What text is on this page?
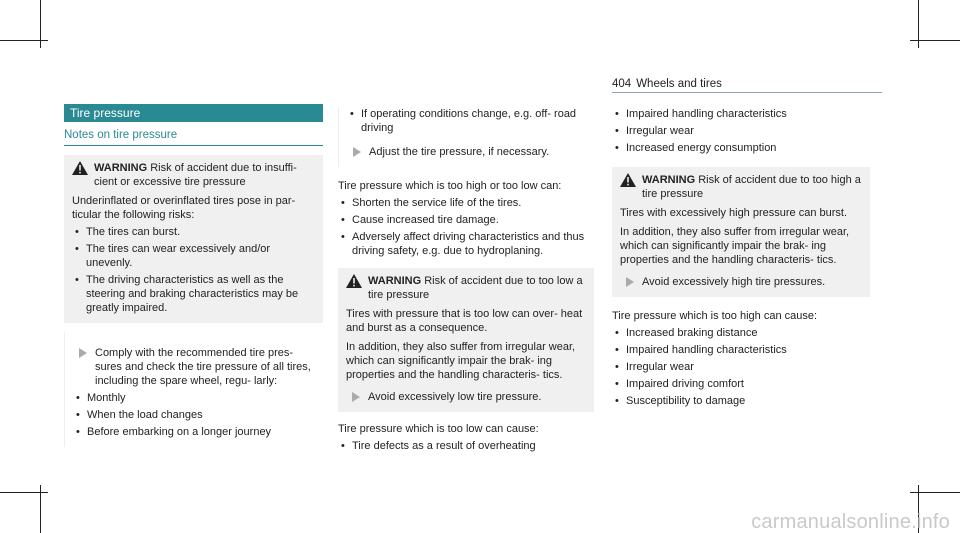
404 Wheels and tires
Tire pressure
Notes on tire pressure
WARNING Risk of accident due to insuffi- cient or excessive tire pressure
Underinflated or overinflated tires pose in par- ticular the following risks:
• The tires can burst.
• The tires can wear excessively and/or unevenly.
• The driving characteristics as well as the steering and braking characteristics may be greatly impaired.
Comply with the recommended tire pres- sures and check the tire pressure of all tires, including the spare wheel, regu- larly:
• Monthly
• When the load changes
• Before embarking on a longer journey
• If operating conditions change, e.g. off- road driving
Adjust the tire pressure, if necessary.
Tire pressure which is too high or too low can:
• Shorten the service life of the tires.
• Cause increased tire damage.
• Adversely affect driving characteristics and thus driving safety, e.g. due to hydroplaning.
WARNING Risk of accident due to too low a tire pressure
Tires with pressure that is too low can over- heat and burst as a consequence.
In addition, they also suffer from irregular wear, which can significantly impair the brak- ing properties and the handling characteris- tics.
Avoid excessively low tire pressure.
Tire pressure which is too low can cause:
• Tire defects as a result of overheating
• Impaired handling characteristics
• Irregular wear
• Increased energy consumption
WARNING Risk of accident due to too high a tire pressure
Tires with excessively high pressure can burst.
In addition, they also suffer from irregular wear, which can significantly impair the brak- ing properties and the handling characteris- tics.
Avoid excessively high tire pressures.
Tire pressure which is too high can cause:
• Increased braking distance
• Impaired handling characteristics
• Irregular wear
• Impaired driving comfort
• Susceptibility to damage
carmanualsonline.info
